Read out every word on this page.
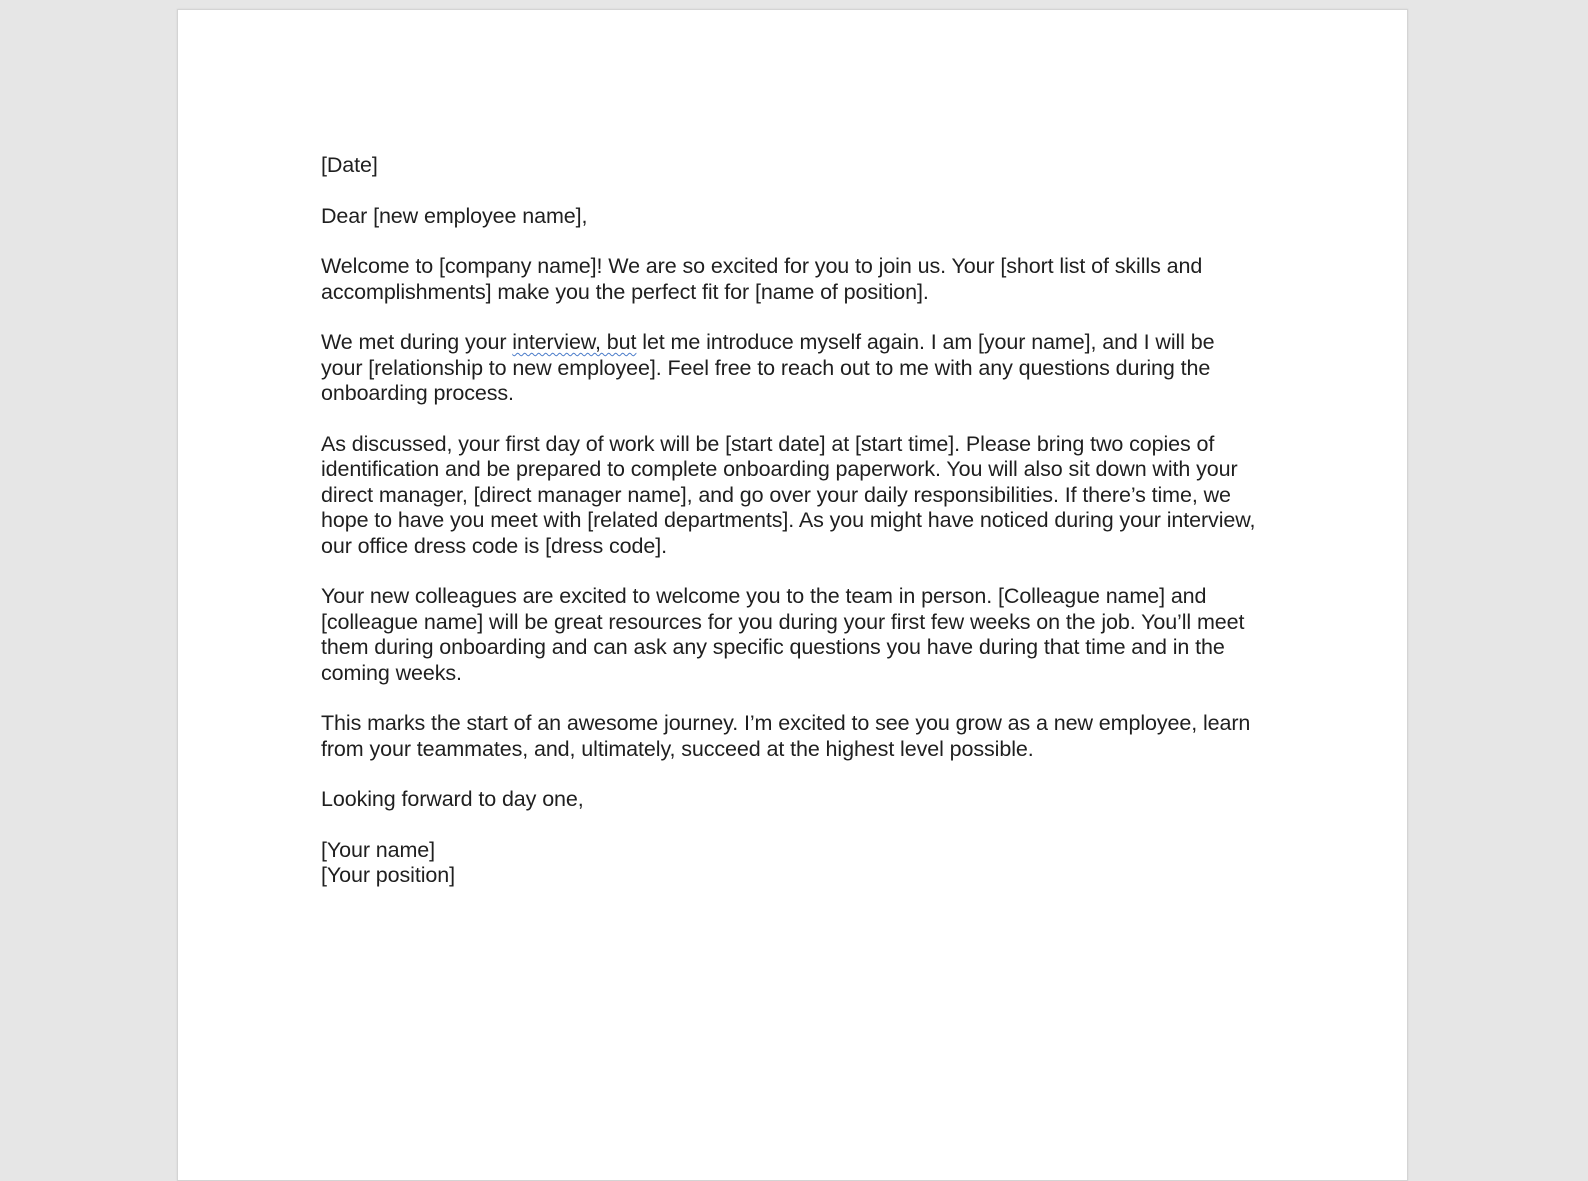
[Date]

Dear [new employee name],

Welcome to [company name]! We are so excited for you to join us. Your [short list of skills and accomplishments] make you the perfect fit for [name of position].

We met during your interview, but let me introduce myself again. I am [your name], and I will be your [relationship to new employee]. Feel free to reach out to me with any questions during the onboarding process.

As discussed, your first day of work will be [start date] at [start time]. Please bring two copies of identification and be prepared to complete onboarding paperwork. You will also sit down with your direct manager, [direct manager name], and go over your daily responsibilities. If there’s time, we hope to have you meet with [related departments]. As you might have noticed during your interview, our office dress code is [dress code].

Your new colleagues are excited to welcome you to the team in person. [Colleague name] and [colleague name] will be great resources for you during your first few weeks on the job. You’ll meet them during onboarding and can ask any specific questions you have during that time and in the coming weeks.

This marks the start of an awesome journey. I’m excited to see you grow as a new employee, learn from your teammates, and, ultimately, succeed at the highest level possible.

Looking forward to day one,

[Your name]

[Your position]
